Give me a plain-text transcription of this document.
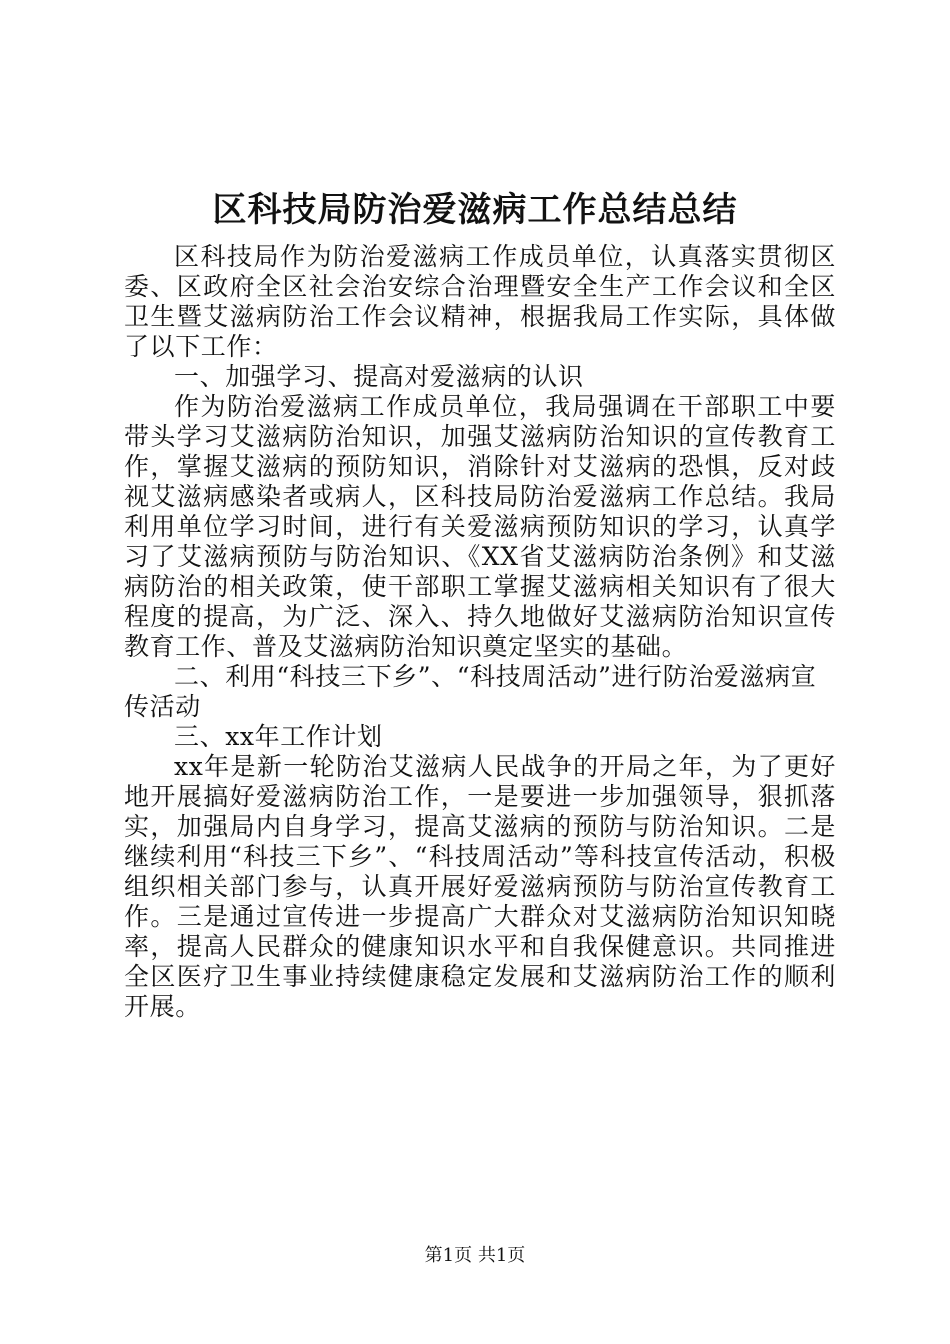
区科技局防治爱滋病工作总结总结

区科技局作为防治爱滋病工作成员单位，认真落实贯彻区委、区政府全区社会治安综合治理暨安全生产工作会议和全区卫生暨艾滋病防治工作会议精神，根据我局工作实际，具体做了以下工作：

一、加强学习、提高对爱滋病的认识

作为防治爱滋病工作成员单位，我局强调在干部职工中要带头学习艾滋病防治知识，加强艾滋病防治知识的宣传教育工作，掌握艾滋病的预防知识，消除针对艾滋病的恐惧，反对歧视艾滋病感染者或病人，区科技局防治爱滋病工作总结。我局利用单位学习时间，进行有关爱滋病预防知识的学习，认真学习了艾滋病预防与防治知识、《XX省艾滋病防治条例》和艾滋病防治的相关政策，使干部职工掌握艾滋病相关知识有了很大程度的提高，为广泛、深入、持久地做好艾滋病防治知识宣传教育工作、普及艾滋病防治知识奠定坚实的基础。

二、利用“科技三下乡”、“科技周活动”进行防治爱滋病宣传活动

三、xx年工作计划

xx年是新一轮防治艾滋病人民战争的开局之年，为了更好地开展搞好爱滋病防治工作，一是要进一步加强领导，狠抓落实，加强局内自身学习，提高艾滋病的预防与防治知识。二是继续利用“科技三下乡”、“科技周活动”等科技宣传活动，积极组织相关部门参与，认真开展好爱滋病预防与防治宣传教育工作。三是通过宣传进一步提高广大群众对艾滋病防治知识知晓率，提高人民群众的健康知识水平和自我保健意识。共同推进全区医疗卫生事业持续健康稳定发展和艾滋病防治工作的顺利开展。

第1页 共1页
